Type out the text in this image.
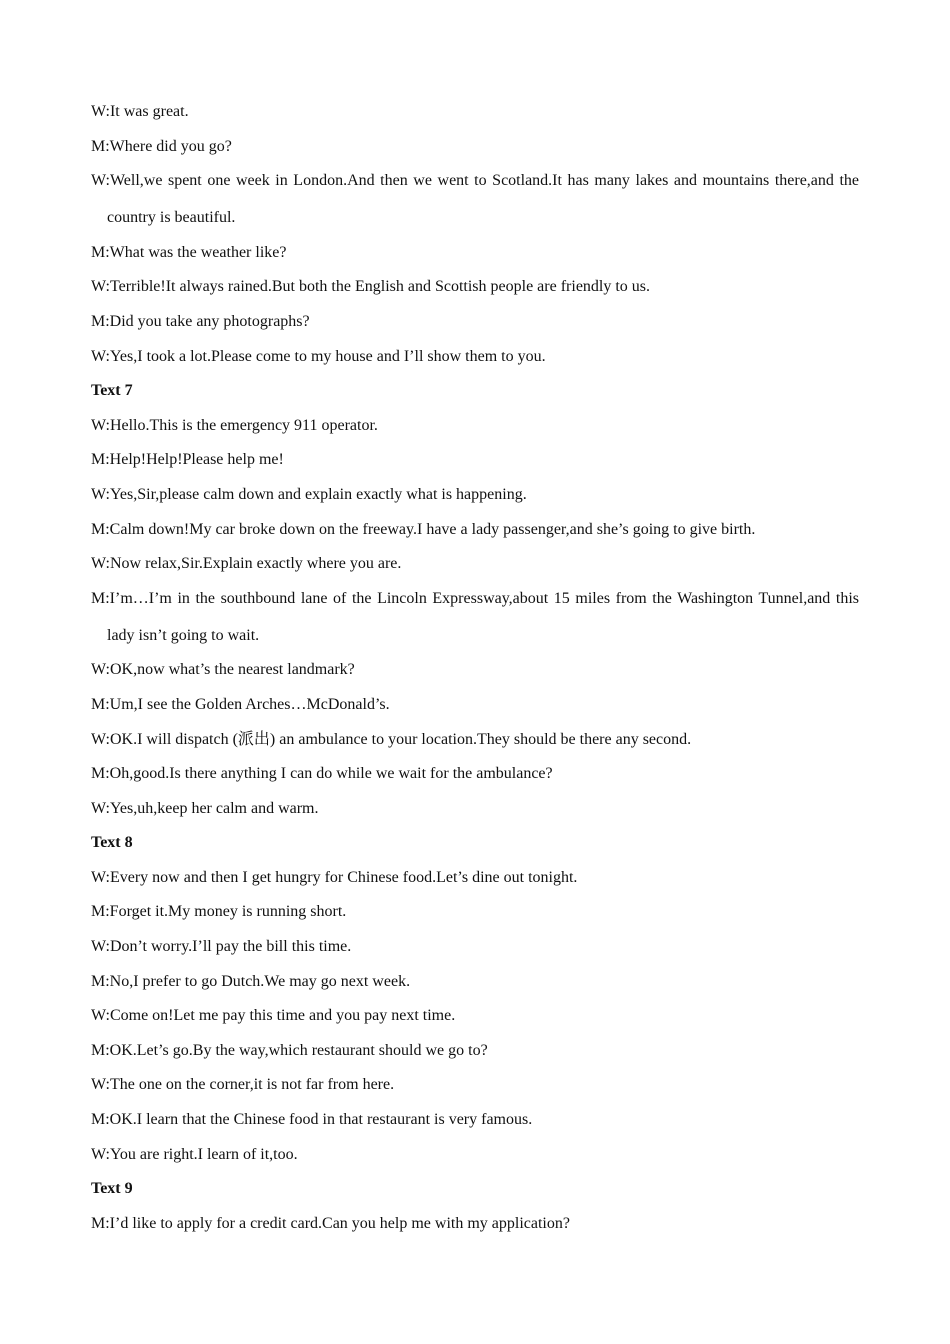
W:It was great.

M:Where did you go?

W:Well,we spent one week in London.And then we went to Scotland.It has many lakes and mountains there,and the country is beautiful.

M:What was the weather like?

W:Terrible!It always rained.But both the English and Scottish people are friendly to us.

M:Did you take any photographs?

W:Yes,I took a lot.Please come to my house and I’ll show them to you.

Text 7

W:Hello.This is the emergency 911 operator.

M:Help!Help!Please help me!

W:Yes,Sir,please calm down and explain exactly what is happening.

M:Calm down!My car broke down on the freeway.I have a lady passenger,and she’s going to give birth.

W:Now relax,Sir.Explain exactly where you are.

M:I’m…I’m in the southbound lane of the Lincoln Expressway,about 15 miles from the Washington Tunnel,and this lady isn’t going to wait.

W:OK,now what’s the nearest landmark?

M:Um,I see the Golden Arches…McDonald’s.

W:OK.I will dispatch (派出) an ambulance to your location.They should be there any second.

M:Oh,good.Is there anything I can do while we wait for the ambulance?

W:Yes,uh,keep her calm and warm.

Text 8

W:Every now and then I get hungry for Chinese food.Let’s dine out tonight.

M:Forget it.My money is running short.

W:Don’t worry.I’ll pay the bill this time.

M:No,I prefer to go Dutch.We may go next week.

W:Come on!Let me pay this time and you pay next time.

M:OK.Let’s go.By the way,which restaurant should we go to?

W:The one on the corner,it is not far from here.

M:OK.I learn that the Chinese food in that restaurant is very famous.

W:You are right.I learn of it,too.

Text 9

M:I’d like to apply for a credit card.Can you help me with my application?
